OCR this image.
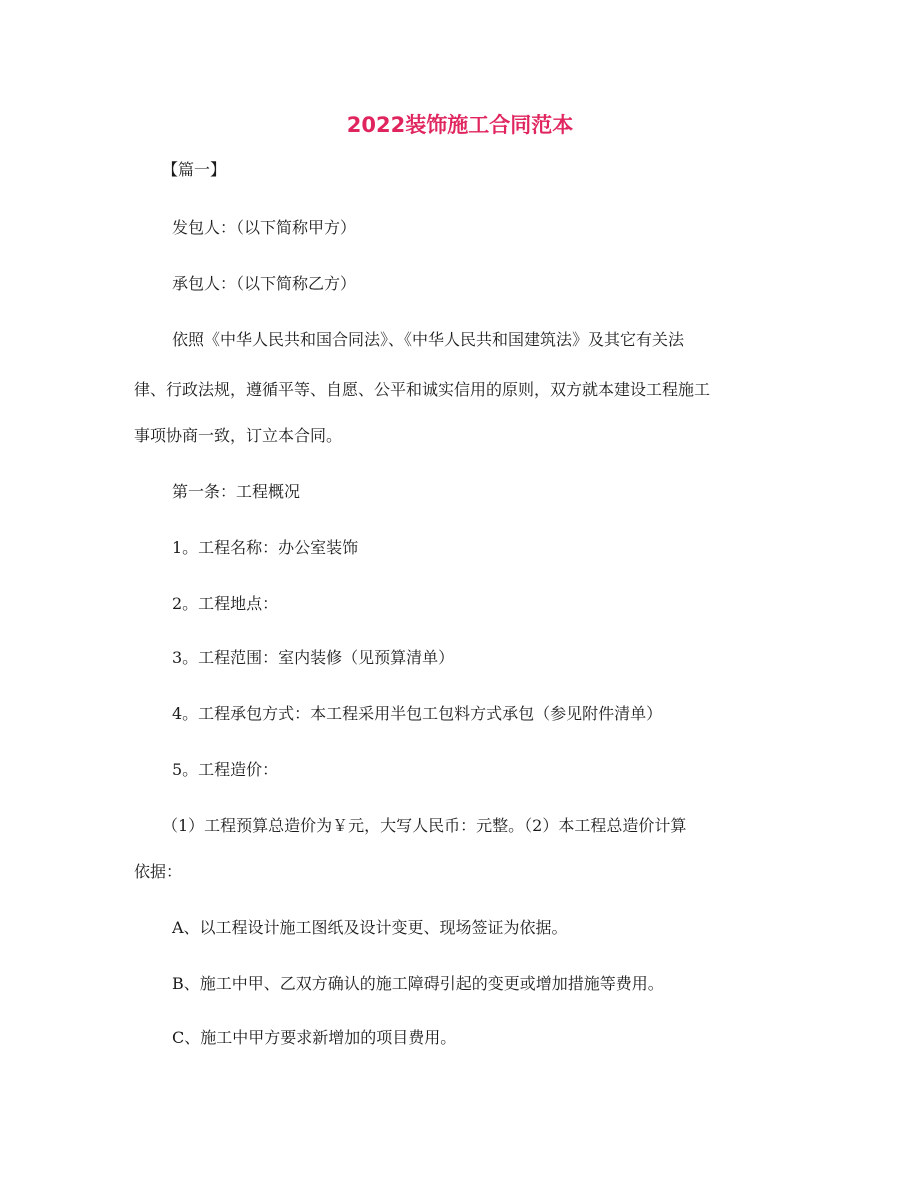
2022装饰施工合同范本

【篇一】

发包人：（以下简称甲方）

承包人：（以下简称乙方）

依照《中华人民共和国合同法》、《中华人民共和国建筑法》及其它有关法

律、行政法规，遵循平等、自愿、公平和诚实信用的原则，双方就本建设工程施工

事项协商一致，订立本合同。

第一条：工程概况

1。工程名称：办公室装饰

2。工程地点：

3。工程范围：室内装修（见预算清单）

4。工程承包方式：本工程采用半包工包料方式承包（参见附件清单）

5。工程造价：

（1）工程预算总造价为￥元，大写人民币：元整。（2）本工程总造价计算

依据：

A、以工程设计施工图纸及设计变更、现场签证为依据。

B、施工中甲、乙双方确认的施工障碍引起的变更或增加措施等费用。

C、施工中甲方要求新增加的项目费用。
